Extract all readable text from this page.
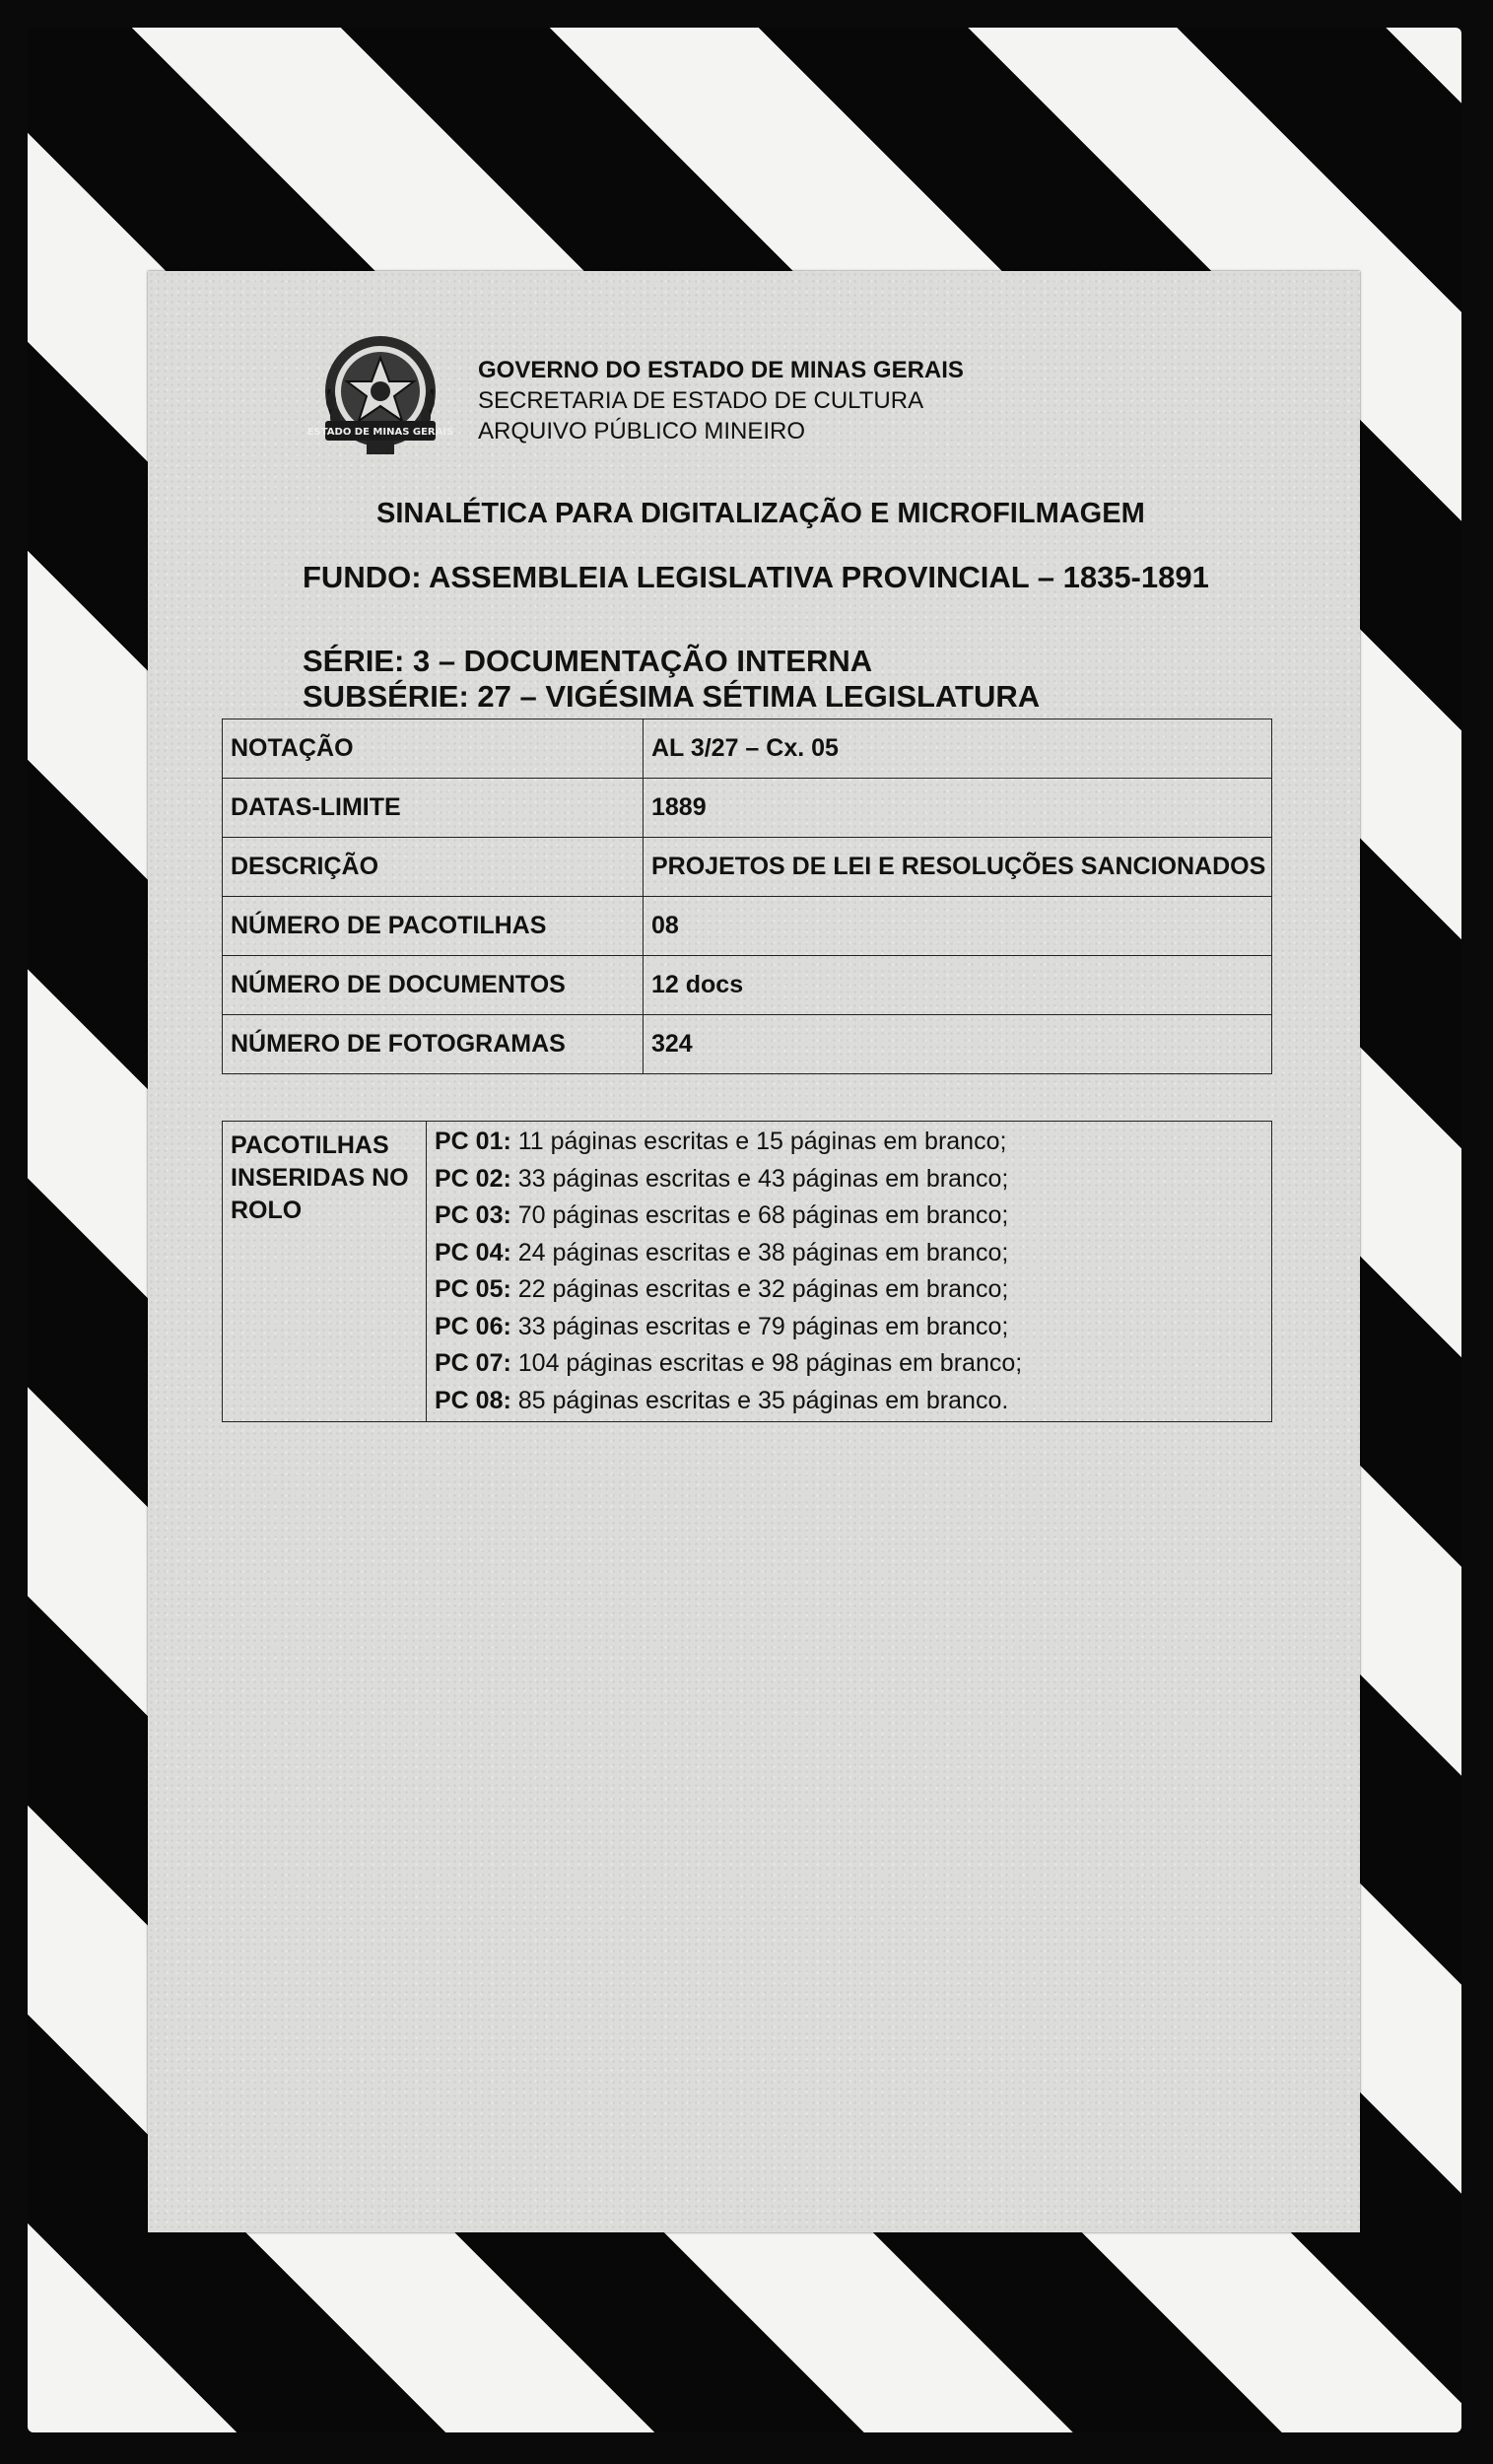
ESTADO DE MINAS GERAIS
GOVERNO DO ESTADO DE MINAS GERAIS
SECRETARIA DE ESTADO DE CULTURA
ARQUIVO PÚBLICO MINEIRO
SINALÉTICA PARA DIGITALIZAÇÃO E MICROFILMAGEM
FUNDO: ASSEMBLEIA LEGISLATIVA PROVINCIAL – 1835-1891
SÉRIE: 3 – DOCUMENTAÇÃO INTERNA
SUBSÉRIE: 27 – VIGÉSIMA SÉTIMA LEGISLATURA
NOTAÇÃO	AL 3/27 – Cx. 05
DATAS-LIMITE	1889
DESCRIÇÃO	PROJETOS DE LEI E RESOLUÇÕES SANCIONADOS
NÚMERO DE PACOTILHAS	08
NÚMERO DE DOCUMENTOS	12 docs
NÚMERO DE FOTOGRAMAS	324
PACOTILHAS INSERIDAS NO ROLO	
PC 01: 11 páginas escritas e 15 páginas em branco;
PC 02: 33 páginas escritas e 43 páginas em branco;
PC 03: 70 páginas escritas e 68 páginas em branco;
PC 04: 24 páginas escritas e 38 páginas em branco;
PC 05: 22 páginas escritas e 32 páginas em branco;
PC 06: 33 páginas escritas e 79 páginas em branco;
PC 07: 104 páginas escritas e 98 páginas em branco;
PC 08: 85 páginas escritas e 35 páginas em branco.
